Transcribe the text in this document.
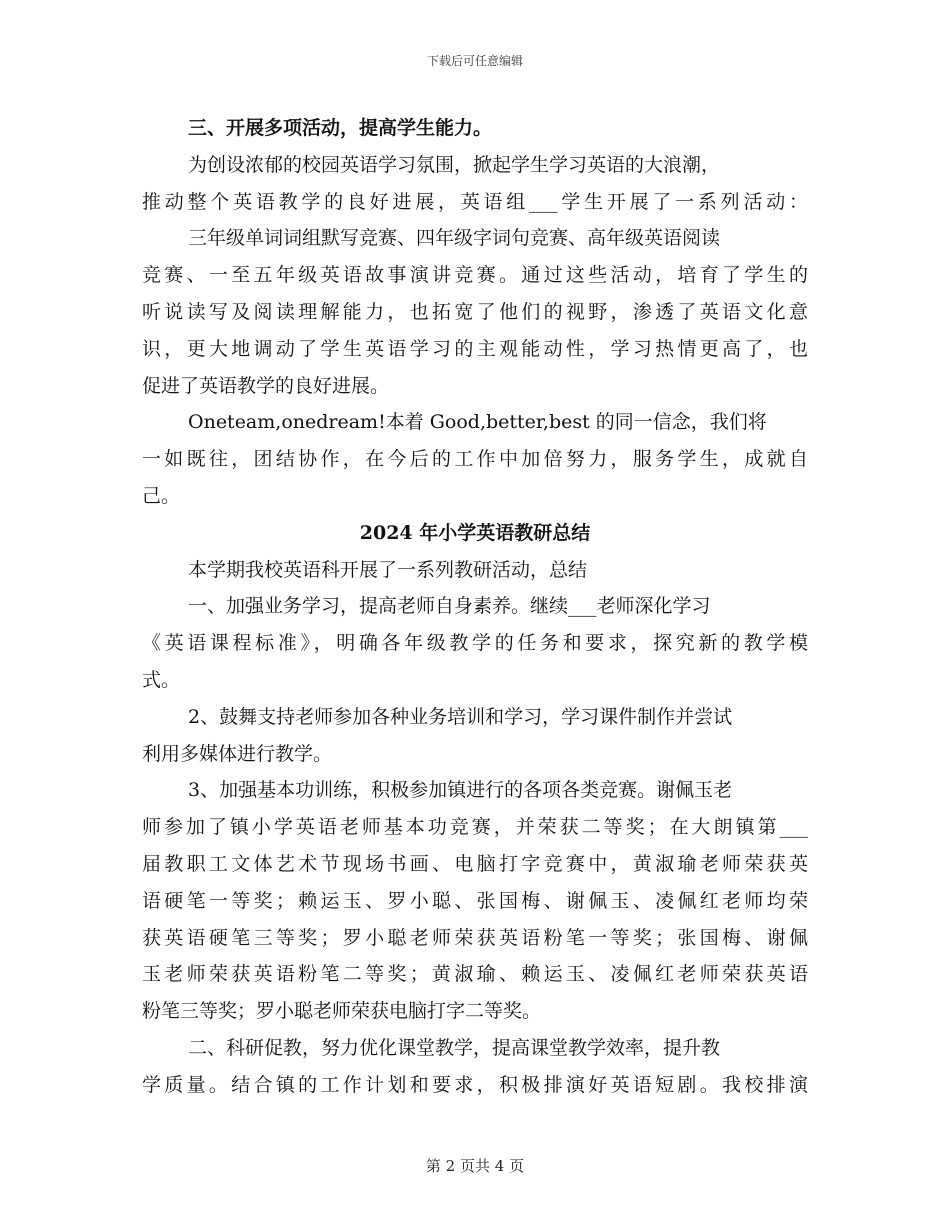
下载后可任意编辑
三、开展多项活动，提高学生能力。
为创设浓郁的校园英语学习氛围，掀起学生学习英语的大浪潮，
推动整个英语教学的良好进展，英语组___学生开展了一系列活动：
三年级单词词组默写竞赛、四年级字词句竞赛、高年级英语阅读
竞赛、一至五年级英语故事演讲竞赛。通过这些活动，培育了学生的
听说读写及阅读理解能力，也拓宽了他们的视野，渗透了英语文化意
识，更大地调动了学生英语学习的主观能动性，学习热情更高了，也
促进了英语教学的良好进展。
Oneteam,onedream!本着 Good,better,best 的同一信念，我们将
一如既往，团结协作，在今后的工作中加倍努力，服务学生，成就自
己。
2024 年小学英语教研总结
本学期我校英语科开展了一系列教研活动，总结
一、加强业务学习，提高老师自身素养。继续___老师深化学习
《英语课程标准》，明确各年级教学的任务和要求，探究新的教学模
式。
2、鼓舞支持老师参加各种业务培训和学习，学习课件制作并尝试
利用多媒体进行教学。
3、加强基本功训练，积极参加镇进行的各项各类竞赛。谢佩玉老
师参加了镇小学英语老师基本功竞赛，并荣获二等奖；在大朗镇第___
届教职工文体艺术节现场书画、电脑打字竞赛中，黄淑瑜老师荣获英
语硬笔一等奖；赖运玉、罗小聪、张国梅、谢佩玉、凌佩红老师均荣
获英语硬笔三等奖；罗小聪老师荣获英语粉笔一等奖；张国梅、谢佩
玉老师荣获英语粉笔二等奖；黄淑瑜、赖运玉、凌佩红老师荣获英语
粉笔三等奖；罗小聪老师荣获电脑打字二等奖。
二、科研促教，努力优化课堂教学，提高课堂教学效率，提升教
学质量。结合镇的工作计划和要求，积极排演好英语短剧。我校排演
第 2 页共 4 页
